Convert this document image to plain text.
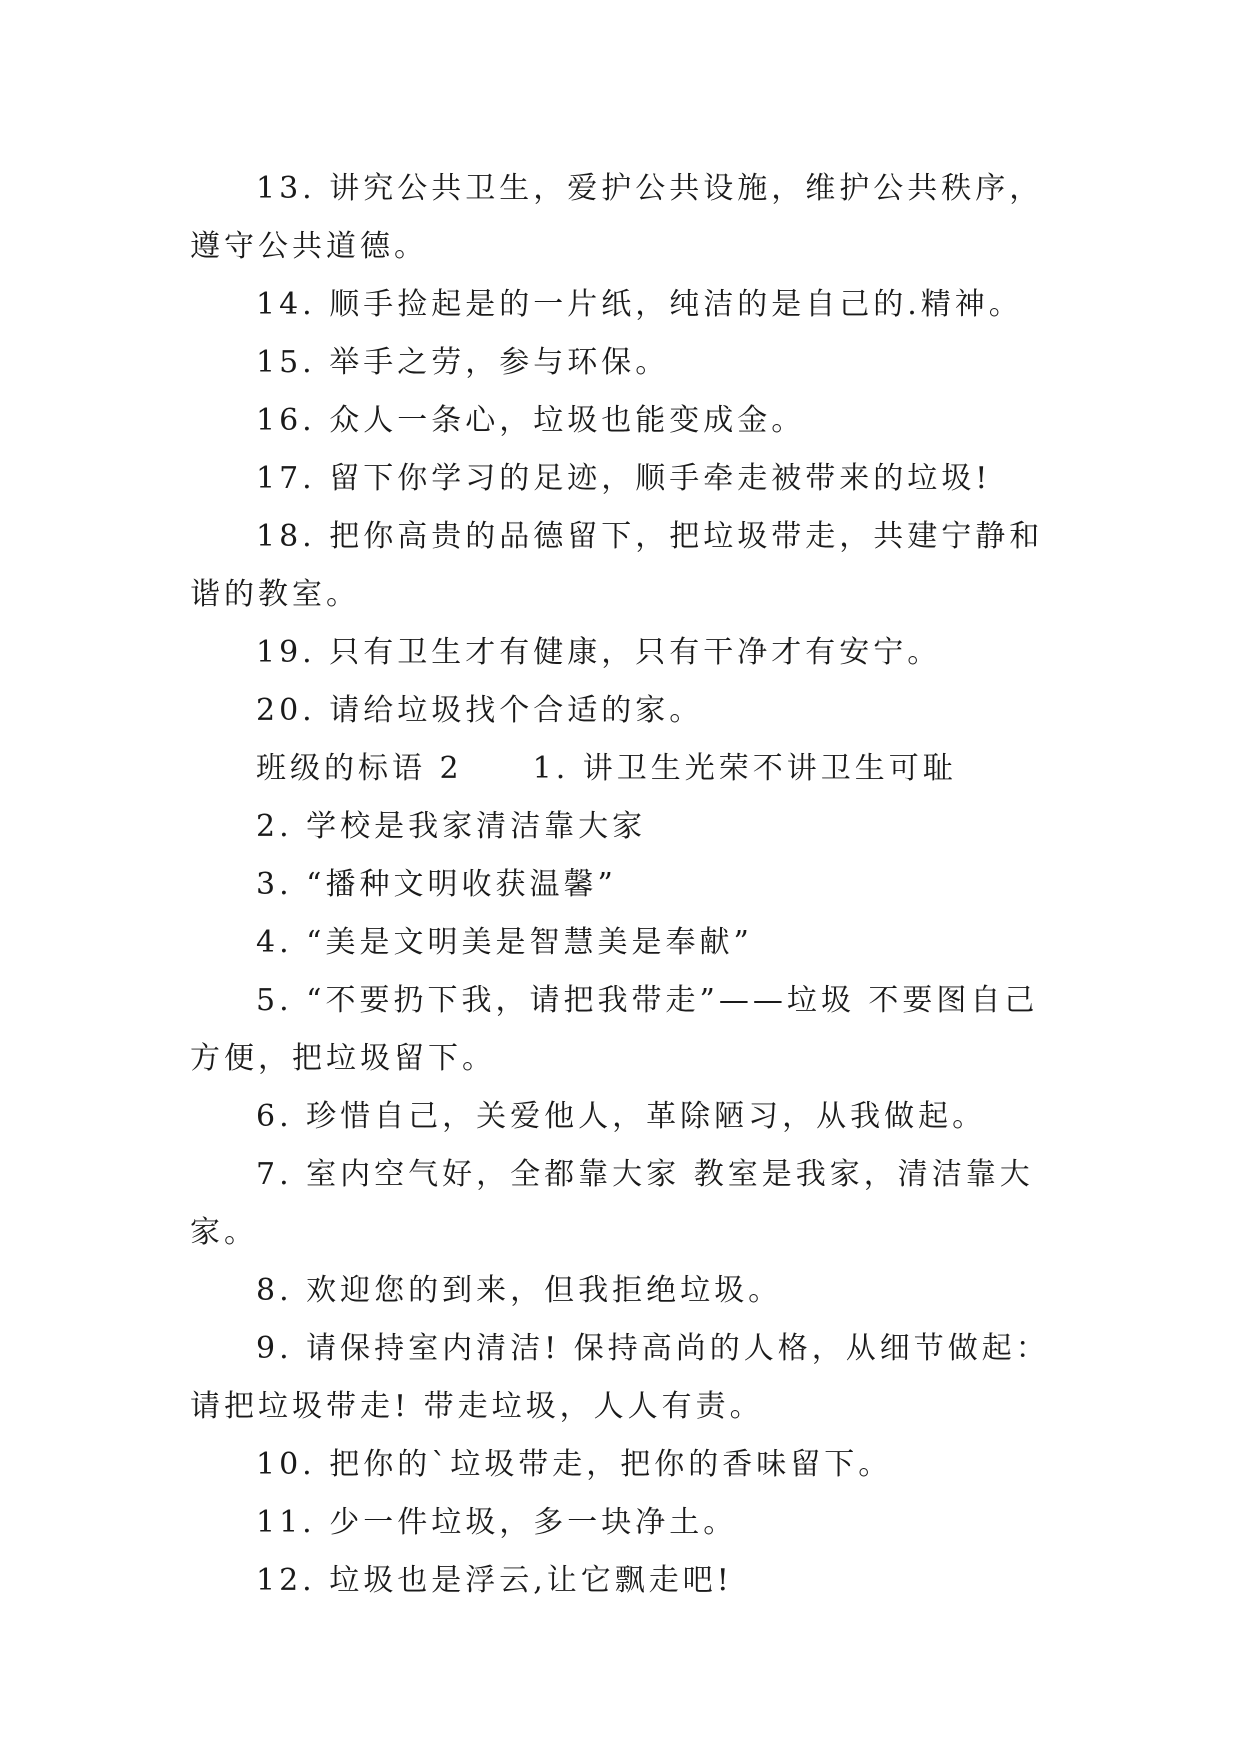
13. 讲究公共卫生，爱护公共设施，维护公共秩序，遵守公共道德。

14. 顺手捡起是的一片纸，纯洁的是自己的.精神。

15. 举手之劳，参与环保。

16. 众人一条心，垃圾也能变成金。

17. 留下你学习的足迹，顺手牵走被带来的垃圾!

18. 把你高贵的品德留下，把垃圾带走，共建宁静和谐的教室。

19. 只有卫生才有健康，只有干净才有安宁。

20. 请给垃圾找个合适的家。

班级的标语 2 1. 讲卫生光荣不讲卫生可耻

2. 学校是我家清洁靠大家

3. “播种文明收获温馨”

4. “美是文明美是智慧美是奉献”

5. “不要扔下我，请把我带走”——垃圾 不要图自己方便，把垃圾留下。

6. 珍惜自己，关爱他人，革除陋习，从我做起。

7. 室内空气好，全都靠大家 教室是我家，清洁靠大家。

8. 欢迎您的到来，但我拒绝垃圾。

9. 请保持室内清洁! 保持高尚的人格，从细节做起：请把垃圾带走! 带走垃圾，人人有责。

10. 把你的`垃圾带走，把你的香味留下。

11. 少一件垃圾，多一块净土。

12. 垃圾也是浮云,让它飘走吧!
